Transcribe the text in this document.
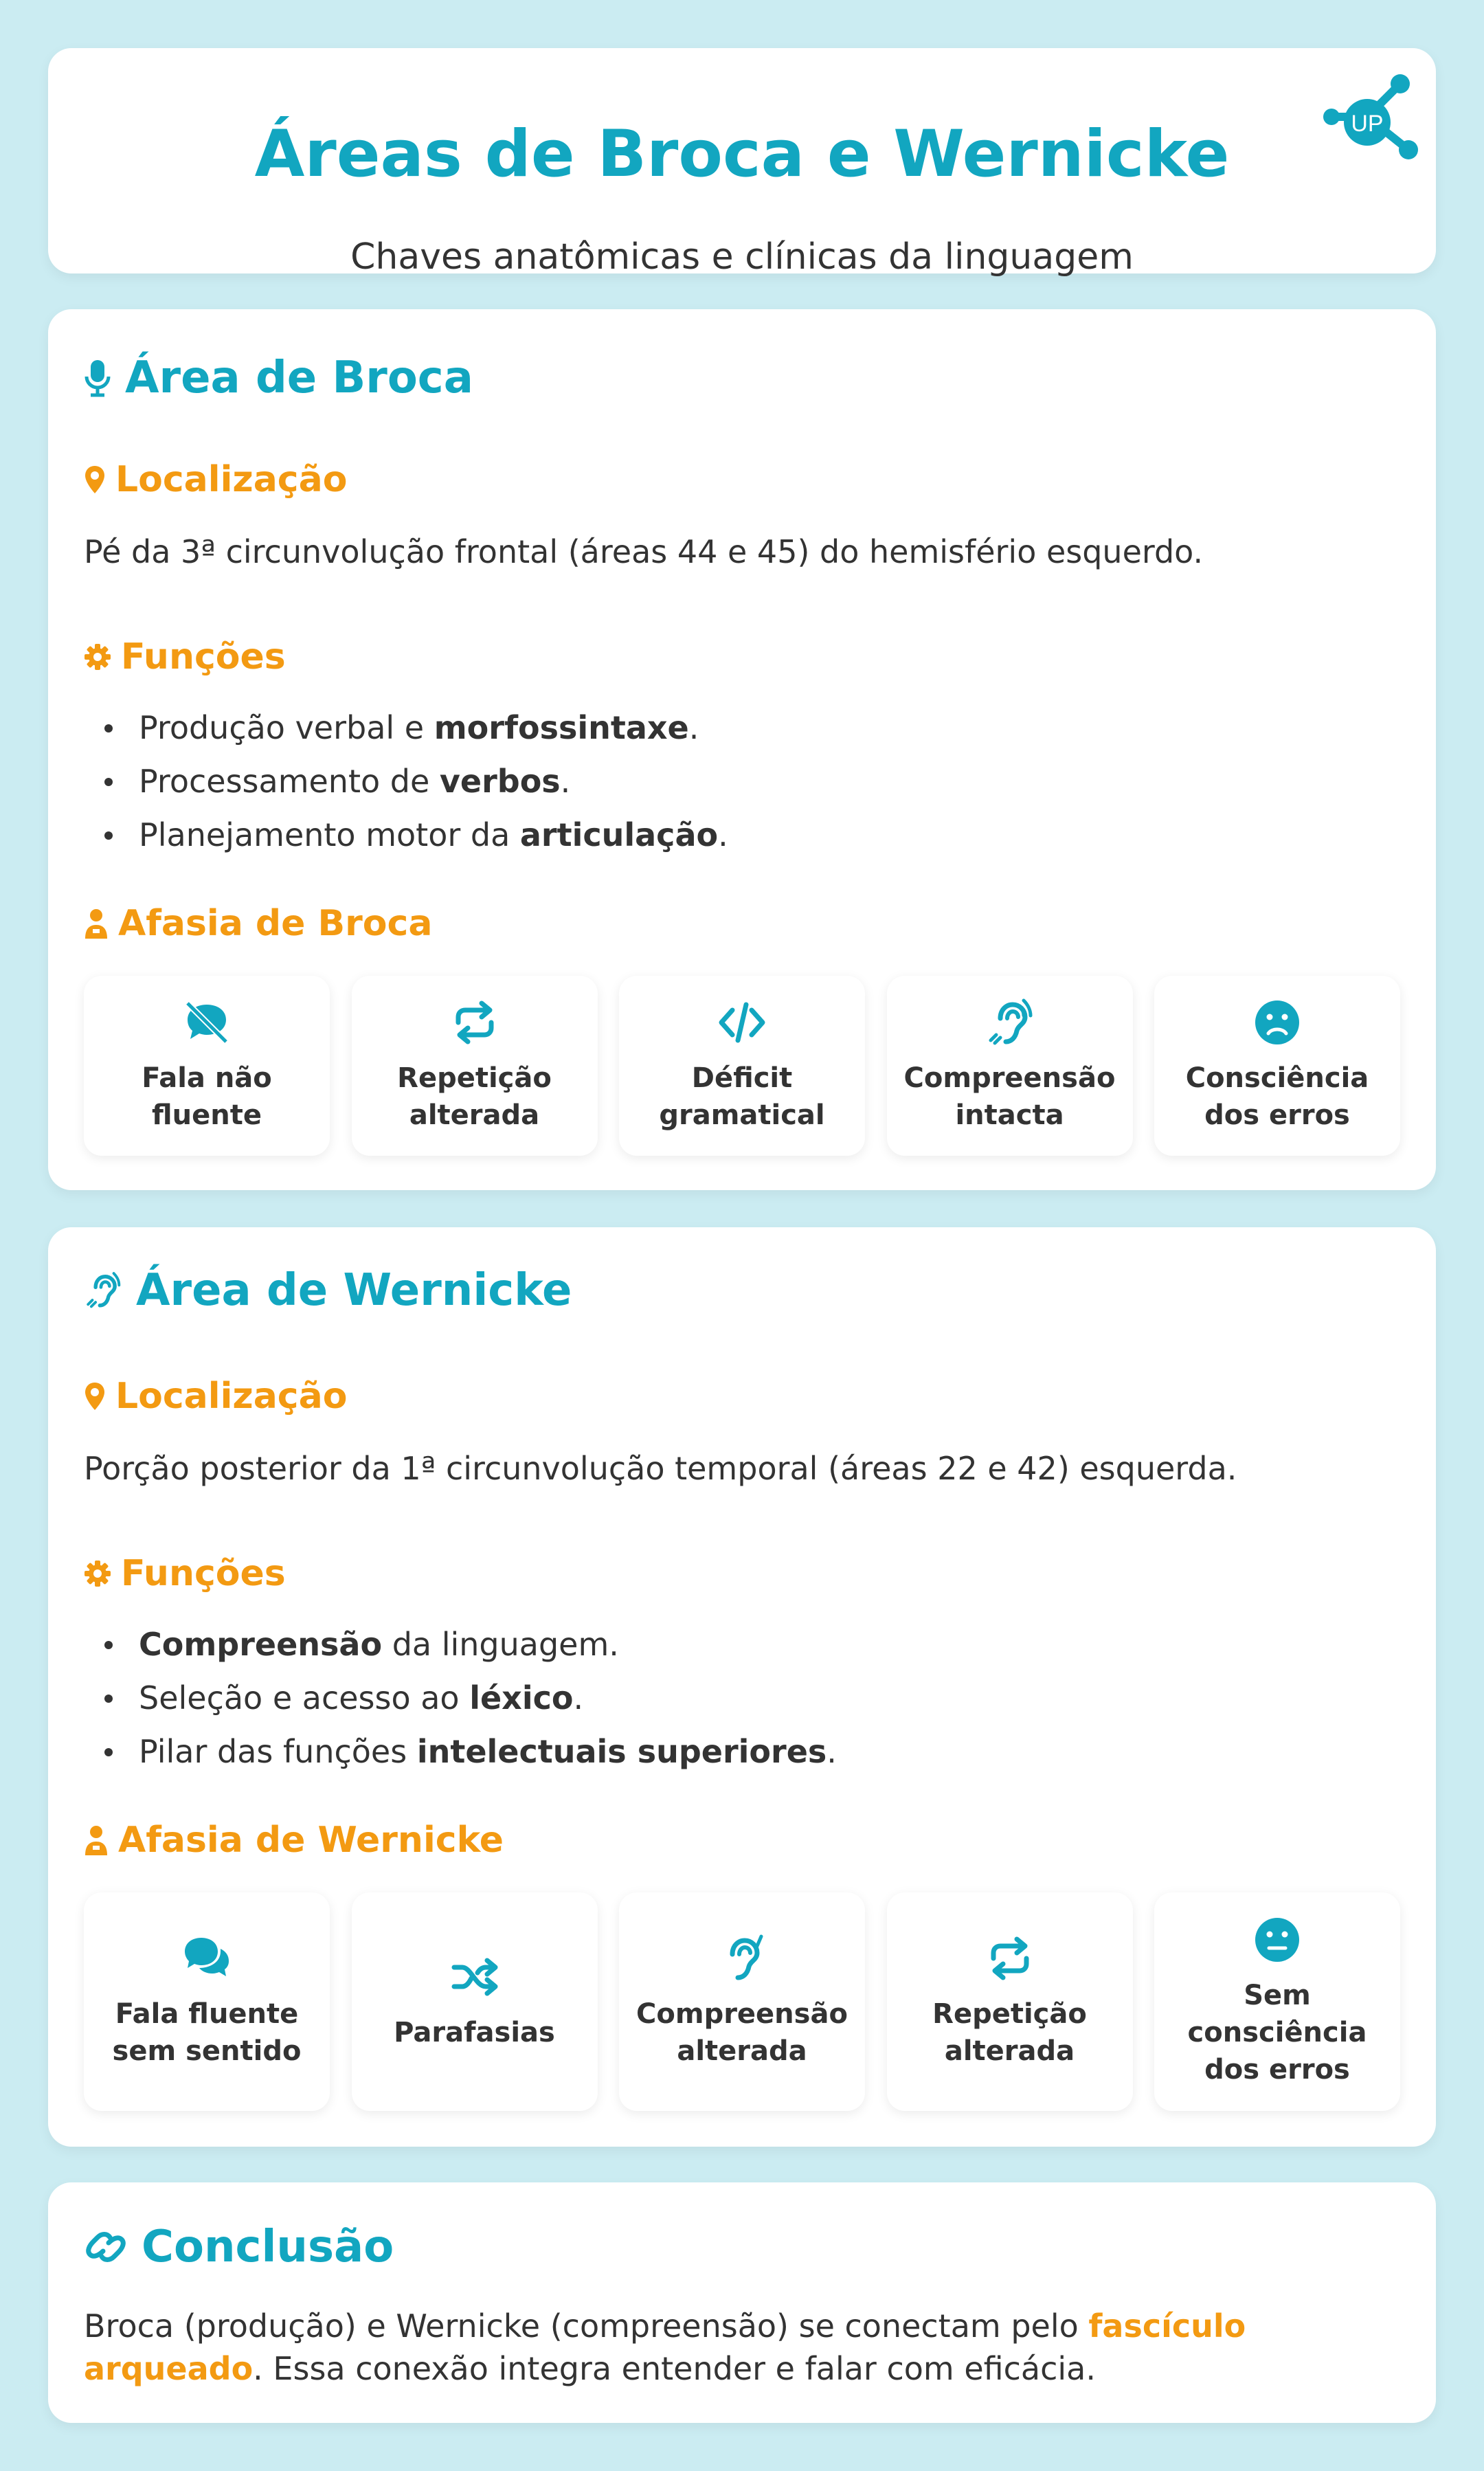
Áreas de Broca e Wernicke
Chaves anatômicas e clínicas da linguagem
UP
Área de Broca
Localização
Pé da 3ª circunvolução frontal (áreas 44 e 45) do hemisfério esquerdo.
Funções
Produção verbal e morfossintaxe.
Processamento de verbos.
Planejamento motor da articulação.
Afasia de Broca
Fala não fluente
Repetição alterada
Déficit gramatical
Compreensão intacta
Consciência dos erros
Área de Wernicke
Localização
Porção posterior da 1ª circunvolução temporal (áreas 22 e 42) esquerda.
Funções
Compreensão da linguagem.
Seleção e acesso ao léxico.
Pilar das funções intelectuais superiores.
Afasia de Wernicke
Fala fluente sem sentido
Parafasias
Compreensão alterada
Repetição alterada
Sem consciência dos erros
Conclusão
Broca (produção) e Wernicke (compreensão) se conectam pelo fascículo arqueado. Essa conexão integra entender e falar com eficácia.
